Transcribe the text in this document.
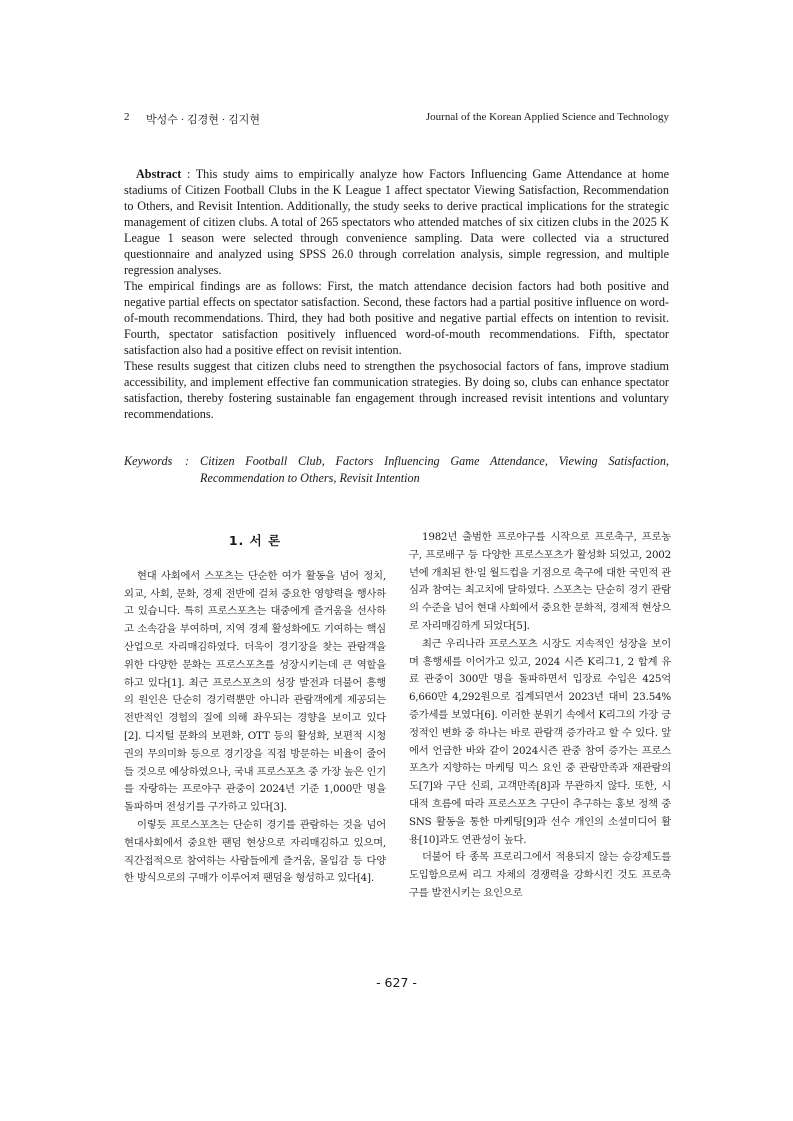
2 박성수 · 김경현 · 김지현	Journal of the Korean Applied Science and Technology

Abstract : This study aims to empirically analyze how Factors Influencing Game Attendance at home stadiums of Citizen Football Clubs in the K League 1 affect spectator Viewing Satisfaction, Recommendation to Others, and Revisit Intention. Additionally, the study seeks to derive practical implications for the strategic management of citizen clubs. A total of 265 spectators who attended matches of six citizen clubs in the 2025 K League 1 season were selected through convenience sampling. Data were collected via a structured questionnaire and analyzed using SPSS 26.0 through correlation analysis, simple regression, and multiple regression analyses.

The empirical findings are as follows: First, the match attendance decision factors had both positive and negative partial effects on spectator satisfaction. Second, these factors had a partial positive influence on word-of-mouth recommendations. Third, they had both positive and negative partial effects on intention to revisit. Fourth, spectator satisfaction positively influenced word-of-mouth recommendations. Fifth, spectator satisfaction also had a positive effect on revisit intention.

These results suggest that citizen clubs need to strengthen the psychosocial factors of fans, improve stadium accessibility, and implement effective fan communication strategies. By doing so, clubs can enhance spectator satisfaction, thereby fostering sustainable fan engagement through increased revisit intentions and voluntary recommendations.

Keywords : Citizen Football Club, Factors Influencing Game Attendance, Viewing Satisfaction, Recommendation to Others, Revisit Intention
1. 서 론

현대 사회에서 스포츠는 단순한 여가 활동을 넘어 정치, 외교, 사회, 문화, 경제 전반에 걸쳐 중요한 영향력을 행사하고 있습니다. 특히 프로스포츠는 대중에게 즐거움을 선사하고 소속감을 부여하며, 지역 경제 활성화에도 기여하는 핵심 산업으로 자리매김하였다. 더욱이 경기장을 찾는 관람객을 위한 다양한 문화는 프로스포츠를 성장시키는데 큰 역할을 하고 있다[1]. 최근 프로스포츠의 성장 발전과 더불어 흥행의 원인은 단순히 경기력뿐만 아니라 관람객에게 제공되는 전반적인 경험의 질에 의해 좌우되는 경향을 보이고 있다[2]. 디지털 문화의 보편화, OTT 등의 활성화, 보편적 시청권의 무의미화 등으로 경기장을 직접 방문하는 비율이 줄어들 것으로 예상하였으나, 국내 프로스포츠 중 가장 높은 인기를 자랑하는 프로야구 관중이 2024년 기준 1,000만 명을 돌파하며 전성기를 구가하고 있다[3].

이렇듯 프로스포츠는 단순히 경기를 관람하는 것을 넘어 현대사회에서 중요한 팬덤 현상으로 자리매김하고 있으며, 직간접적으로 참여하는 사람들에게 즐거움, 몰입감 등 다양한 방식으로의 구매가 이루어져 팬덤을 형성하고 있다[4].

1982년 출범한 프로야구를 시작으로 프로축구, 프로농구, 프로배구 등 다양한 프로스포츠가 활성화 되었고, 2002년에 개최된 한·일 월드컵을 기점으로 축구에 대한 국민적 관심과 참여는 최고치에 달하였다. 스포츠는 단순히 경기 관람의 수준을 넘어 현대 사회에서 중요한 문화적, 경제적 현상으로 자리매김하게 되었다[5].

최근 우리나라 프로스포츠 시장도 지속적인 성장을 보이며 흥행세를 이어가고 있고, 2024 시즌 K리그1, 2 합계 유료 관중이 300만 명을 돌파하면서 입장료 수입은 425억 6,660만 4,292원으로 집계되면서 2023년 대비 23.54% 증가세를 보였다[6]. 이러한 분위기 속에서 K리그의 가장 긍정적인 변화 중 하나는 바로 관람객 증가라고 할 수 있다. 앞에서 언급한 바와 같이 2024시즌 관중 참여 증가는 프로스포츠가 지향하는 마케팅 믹스 요인 중 관람만족과 재관람의도[7]와 구단 신뢰, 고객만족[8]과 무관하지 않다. 또한, 시대적 흐름에 따라 프로스포츠 구단이 추구하는 홍보 정책 중 SNS 활동을 통한 마케팅[9]과 선수 개인의 소셜미디어 활용[10]과도 연관성이 높다.

더불어 타 종목 프로리그에서 적용되지 않는 승강제도를 도입함으로써 리그 자체의 경쟁력을 강화시킨 것도 프로축구를 발전시키는 요인으로

- 627 -
